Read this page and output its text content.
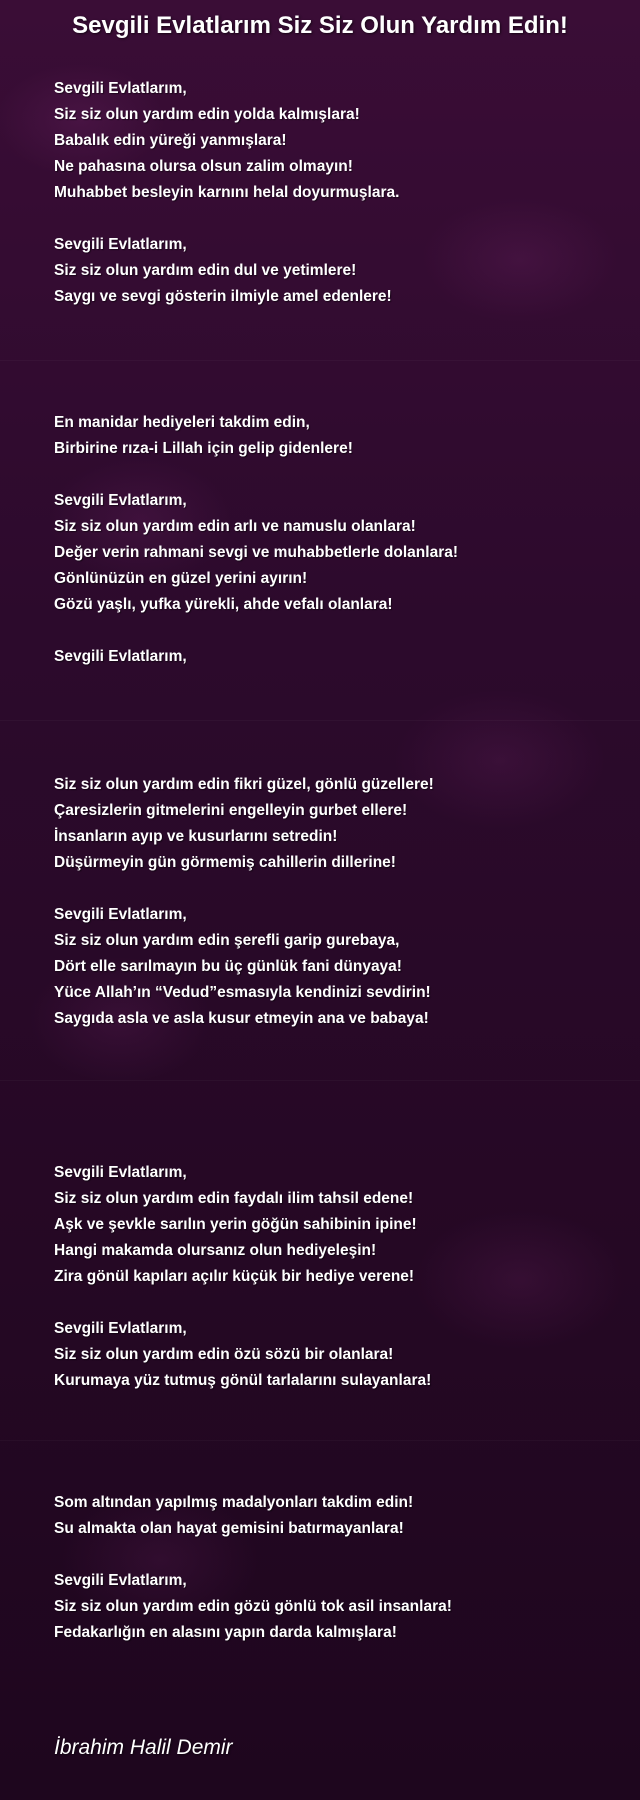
Sevgili Evlatlarım Siz Siz Olun Yardım Edin!
Sevgili Evlatlarım,
Siz siz olun yardım edin yolda kalmışlara!
Babalık edin yüreği yanmışlara!
Ne pahasına olursa olsun zalim olmayın!
Muhabbet besleyin karnını helal doyurmuşlara.
Sevgili Evlatlarım,
Siz siz olun yardım edin dul ve yetimlere!
Saygı ve sevgi gösterin ilmiyle amel edenlere!
En manidar hediyeleri takdim edin,
Birbirine rıza-i Lillah için gelip gidenlere!
Sevgili Evlatlarım,
Siz siz olun yardım edin arlı ve namuslu olanlara!
Değer verin rahmani sevgi ve muhabbetlerle dolanlara!
Gönlünüzün en güzel yerini ayırın!
Gözü yaşlı, yufka yürekli, ahde vefalı olanlara!
Sevgili Evlatlarım,
Siz siz olun yardım edin fikri güzel, gönlü güzellere!
Çaresizlerin gitmelerini engelleyin gurbet ellere!
İnsanların ayıp ve kusurlarını setredin!
Düşürmeyin gün görmemiş cahillerin dillerine!
Sevgili Evlatlarım,
Siz siz olun yardım edin şerefli garip gurebaya,
Dört elle sarılmayın bu üç günlük fani dünyaya!
Yüce Allah’ın “Vedud”esmasıyla kendinizi sevdirin!
Saygıda asla ve asla kusur etmeyin ana ve babaya!
Sevgili Evlatlarım,
Siz siz olun yardım edin faydalı ilim tahsil edene!
Aşk ve şevkle sarılın yerin göğün sahibinin ipine!
Hangi makamda olursanız olun hediyeleşin!
Zira gönül kapıları açılır küçük bir hediye verene!
Sevgili Evlatlarım,
Siz siz olun yardım edin özü sözü bir olanlara!
Kurumaya yüz tutmuş gönül tarlalarını sulayanlara!
Som altından yapılmış madalyonları takdim edin!
Su almakta olan hayat gemisini batırmayanlara!
Sevgili Evlatlarım,
Siz siz olun yardım edin gözü gönlü tok asil insanlara!
Fedakarlığın en alasını yapın darda kalmışlara!
İbrahim Halil Demir
